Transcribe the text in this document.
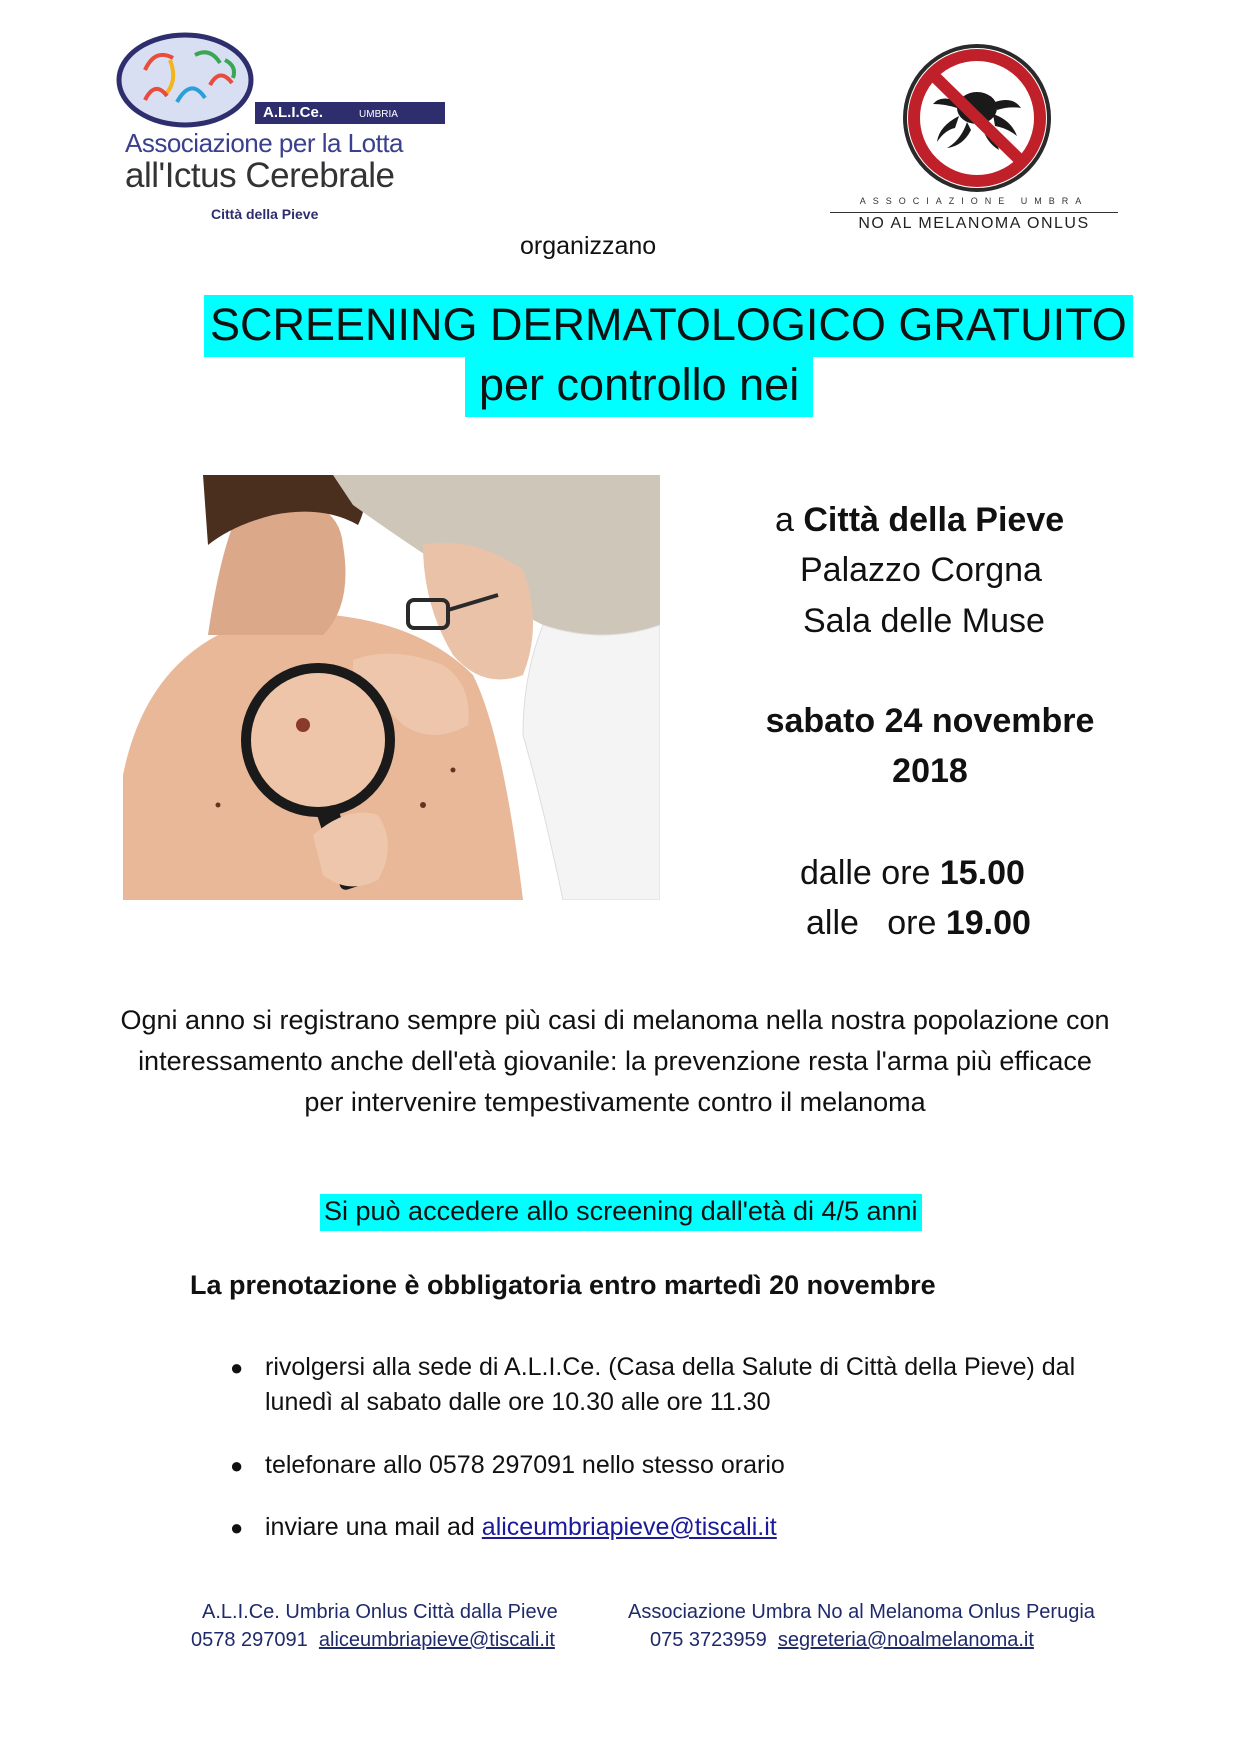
A.L.I.Ce.	UMBRIA
Associazione per la Lotta
all'Ictus Cerebrale
Città della Pieve
ASSOCIAZIONE UMBRA
NO AL MELANOMA ONLUS
organizzano
SCREENING DERMATOLOGICO GRATUITO
per controllo nei
a Città della Pieve
Palazzo Corgna
Sala delle Muse
sabato 24 novembre
2018
dalle ore 15.00
alle   ore 19.00
Ogni anno si registrano sempre più casi di melanoma nella nostra popolazione con interessamento anche dell'età giovanile: la prevenzione resta l'arma più efficace per intervenire tempestivamente contro il melanoma
Si può accedere allo screening dall'età di 4/5 anni
La prenotazione è obbligatoria entro martedì 20 novembre
● rivolgersi alla sede di A.L.I.Ce. (Casa della Salute di Città della Pieve) dal lunedì al sabato dalle ore 10.30 alle ore 11.30
● telefonare allo 0578 297091 nello stesso orario
● inviare una mail ad aliceumbriapieve@tiscali.it
A.L.I.Ce. Umbria Onlus Città dalla Pieve
0578 297091 aliceumbriapieve@tiscali.it
Associazione Umbra No al Melanoma Onlus Perugia
075 3723959 segreteria@noalmelanoma.it
